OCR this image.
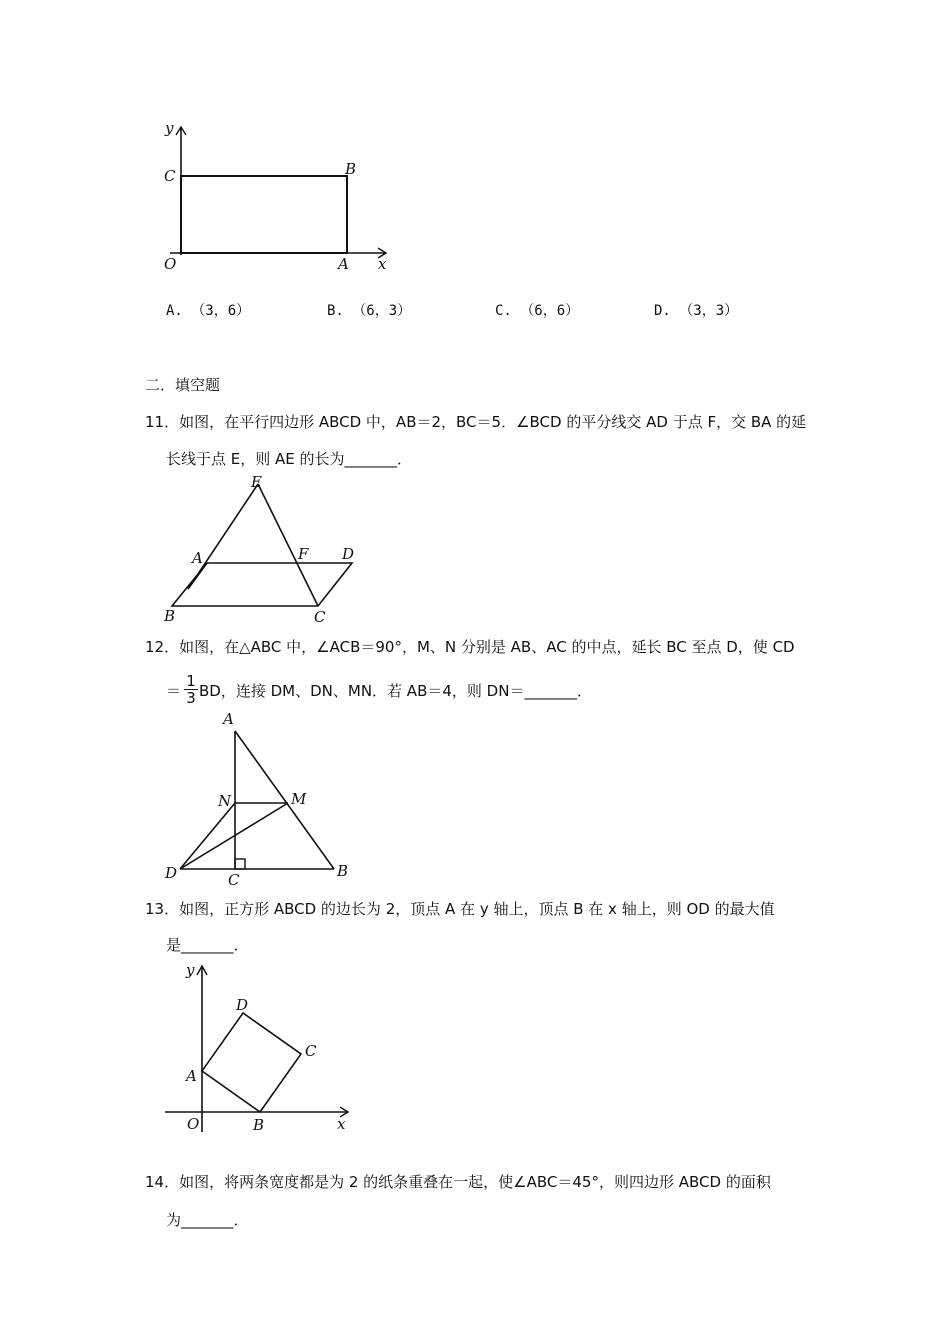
y
x
O	A
B
C
A. （3，6）	B. （6，3）	C. （6，6）	D. （3，3）
二．填空题
11．如图，在平行四边形 ABCD 中，AB＝2，BC＝5．∠BCD 的平分线交 AD 于点 F，交 BA 的延
长线于点 E，则 AE 的长为_______．
E
A	F D
B	C
12．如图，在△ABC 中，∠ACB＝90°，M、N 分别是 AB、AC 的中点，延长 BC 至点 D，使 CD
＝
1
3 BD，连接 DM、DN、MN．若 AB＝4，则 DN＝_______．
A
N	M
D	C	B
13．如图，正方形 ABCD 的边长为 2，顶点 A 在 y 轴上，顶点 B 在 x 轴上，则 OD 的最大值
是_______．
y
x
O
A
B
C
D
14．如图，将两条宽度都是为 2 的纸条重叠在一起，使∠ABC＝45°，则四边形 ABCD 的面积
为_______．
